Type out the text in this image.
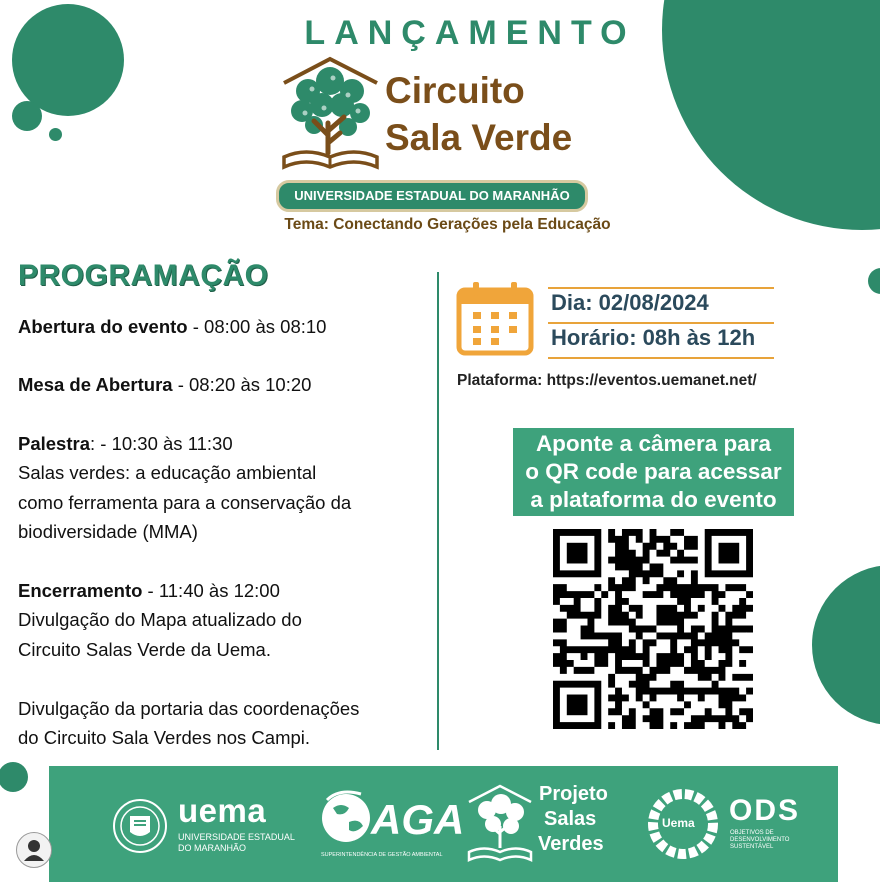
LANÇAMENTO
Circuito
Sala Verde
UNIVERSIDADE ESTADUAL DO MARANHÃO
Tema: Conectando Gerações pela Educação
PROGRAMAÇÃO
Abertura do evento - 08:00 às 08:10
Mesa de Abertura - 08:20 às 10:20
Palestra: - 10:30 às 11:30
Salas verdes: a educação ambiental
como ferramenta para a conservação da
biodiversidade (MMA)
Encerramento - 11:40 às 12:00
Divulgação do Mapa atualizado do
Circuito Salas Verde da Uema.
Divulgação da portaria das coordenações
do Circuito Sala Verdes nos Campi.
Dia: 02/08/2024
Horário: 08h às 12h
Plataforma: https://eventos.uemanet.net/
Aponte a câmera para
o QR code para acessar
a plataforma do evento
uema
UNIVERSIDADE ESTADUAL
DO MARANHÃO
AGA
SUPERINTENDÊNCIA DE GESTÃO AMBIENTAL
Projeto
Salas
Verdes
Uema ODS
OBJETIVOS DE
DESENVOLVIMENTO
SUSTENTÁVEL
